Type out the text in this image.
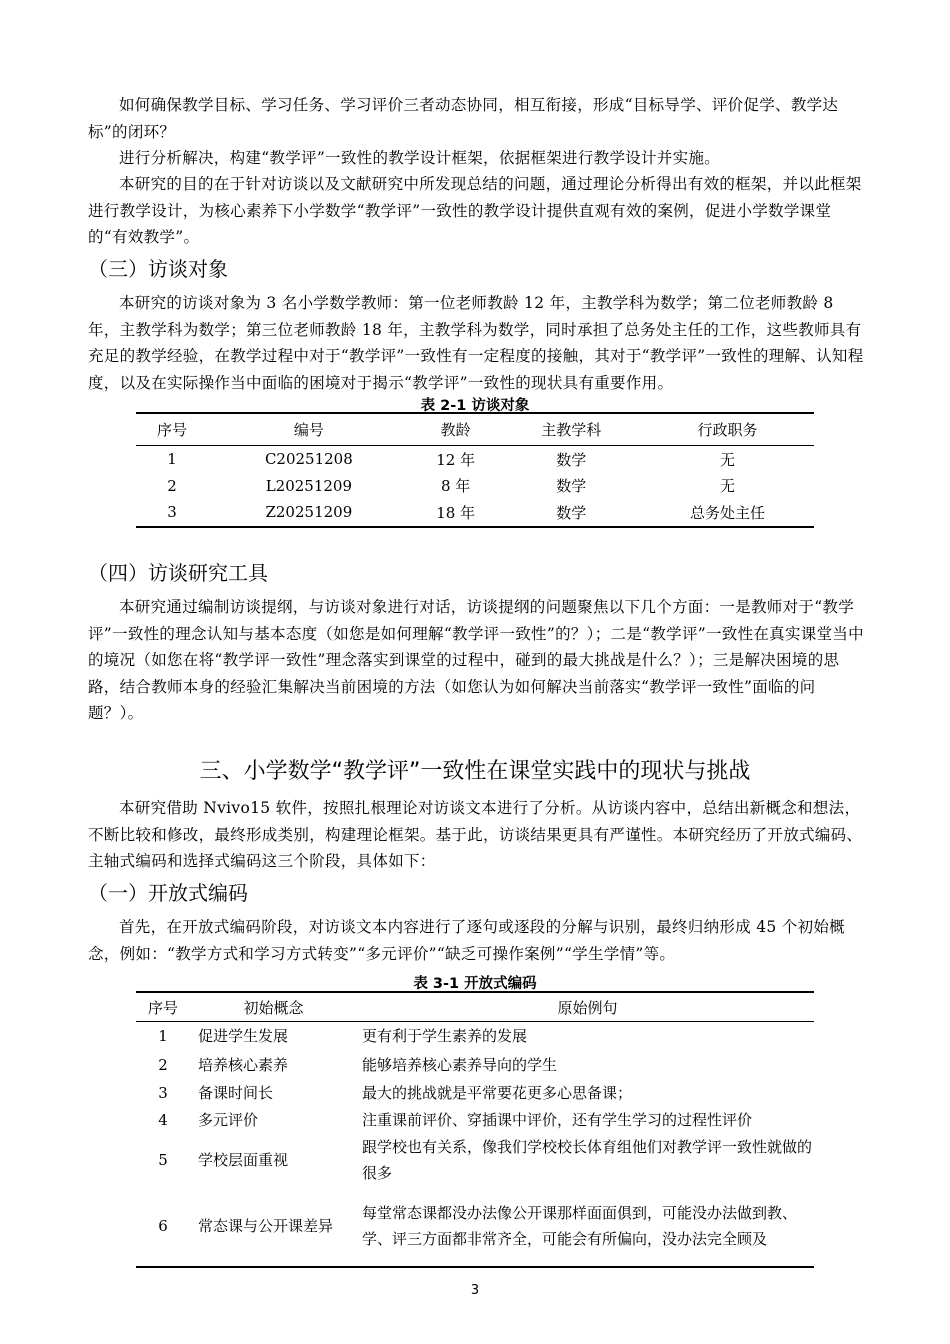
如何确保教学目标、学习任务、学习评价三者动态协同，相互衔接，形成“目标导学、评价促学、教学达标”的闭环？

进行分析解决，构建“教学评”一致性的教学设计框架，依据框架进行教学设计并实施。

本研究的目的在于针对访谈以及文献研究中所发现总结的问题，通过理论分析得出有效的框架，并以此框架进行教学设计，为核心素养下小学数学“教学评”一致性的教学设计提供直观有效的案例，促进小学数学课堂的“有效教学”。

（三）访谈对象

本研究的访谈对象为 3 名小学数学教师：第一位老师教龄 12 年，主教学科为数学；第二位老师教龄 8 年，主教学科为数学；第三位老师教龄 18 年，主教学科为数学，同时承担了总务处主任的工作，这些教师具有充足的教学经验，在教学过程中对于“教学评”一致性有一定程度的接触，其对于“教学评”一致性的理解、认知程度，以及在实际操作当中面临的困境对于揭示“教学评”一致性的现状具有重要作用。

表 2-1 访谈对象
序号	编号	教龄	主教学科	行政职务
1	C20251208	12 年	数学	无
2	L20251209	8 年	数学	无
3	Z20251209	18 年	数学	总务处主任
（四）访谈研究工具

本研究通过编制访谈提纲，与访谈对象进行对话，访谈提纲的问题聚焦以下几个方面：一是教师对于“教学评”一致性的理念认知与基本态度（如您是如何理解“教学评一致性”的？）；二是“教学评”一致性在真实课堂当中的境况（如您在将“教学评一致性”理念落实到课堂的过程中，碰到的最大挑战是什么？）；三是解决困境的思路，结合教师本身的经验汇集解决当前困境的方法（如您认为如何解决当前落实“教学评一致性”面临的问题？）。

三、小学数学“教学评”一致性在课堂实践中的现状与挑战

本研究借助 Nvivo15 软件，按照扎根理论对访谈文本进行了分析。从访谈内容中，总结出新概念和想法，不断比较和修改，最终形成类别，构建理论框架。基于此，访谈结果更具有严谨性。本研究经历了开放式编码、主轴式编码和选择式编码这三个阶段，具体如下：

（一）开放式编码

首先，在开放式编码阶段，对访谈文本内容进行了逐句或逐段的分解与识别，最终归纳形成 45 个初始概念，例如：“教学方式和学习方式转变”“多元评价”“缺乏可操作案例”“学生学情”等。

表 3-1 开放式编码
序号	初始概念	原始例句
1	促进学生发展	更有利于学生素养的发展
2	培养核心素养	能够培养核心素养导向的学生
3	备课时间长	最大的挑战就是平常要花更多心思备课；
4	多元评价	注重课前评价、穿插课中评价，还有学生学习的过程性评价
5	学校层面重视	跟学校也有关系，像我们学校校长体育组他们对教学评一致性就做的很多
6	常态课与公开课差异	每堂常态课都没办法像公开课那样面面俱到，可能没办法做到教、学、评三方面都非常齐全，可能会有所偏向，没办法完全顾及
3
